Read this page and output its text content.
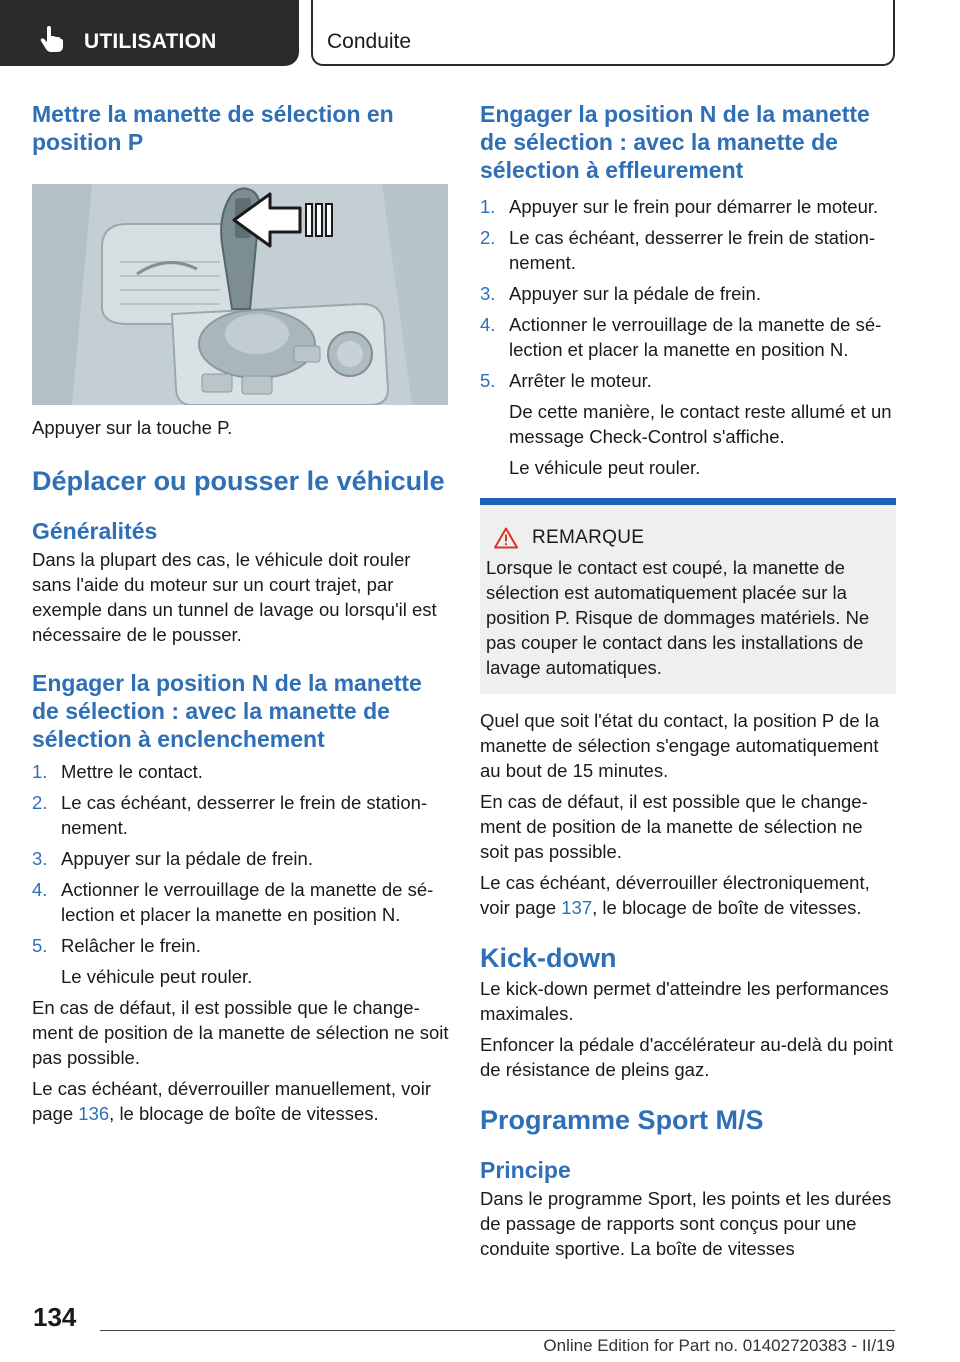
UTILISATION	Conduite
Mettre la manette de sélection en position P

Appuyer sur la touche P.

Déplacer ou pousser le véhicule
Généralités

Dans la plupart des cas, le véhicule doit rouler sans l'aide du moteur sur un court trajet, par exemple dans un tunnel de lavage ou lorsqu'il est nécessaire de le pousser.

Engager la position N de la manette de sélection : avec la manette de sélection à enclenchement
1. Mettre le contact.
2. Le cas échéant, desserrer le frein de stationnement.
3. Appuyer sur la pédale de frein.
4. Actionner le verrouillage de la manette de sélection et placer la manette en position N.
5. Relâcher le frein.

Le véhicule peut rouler.

En cas de défaut, il est possible que le changement de position de la manette de sélection ne soit pas possible.

Le cas échéant, déverrouiller manuellement, voir page 136, le blocage de boîte de vitesses.

Engager la position N de la manette de sélection : avec la manette de sélection à effleurement
1. Appuyer sur le frein pour démarrer le moteur.
2. Le cas échéant, desserrer le frein de stationnement.
3. Appuyer sur la pédale de frein.
4. Actionner le verrouillage de la manette de sélection et placer la manette en position N.
5. Arrêter le moteur.

De cette manière, le contact reste allumé et un message Check-Control s'affiche.

Le véhicule peut rouler.

REMARQUE

Lorsque le contact est coupé, la manette de sélection est automatiquement placée sur la position P. Risque de dommages matériels. Ne pas couper le contact dans les installations de lavage automatiques.

Quel que soit l'état du contact, la position P de la manette de sélection s'engage automatiquement au bout de 15 minutes.

En cas de défaut, il est possible que le changement de position de la manette de sélection ne soit pas possible.

Le cas échéant, déverrouiller électroniquement, voir page 137, le blocage de boîte de vitesses.

Kick-down

Le kick-down permet d'atteindre les performances maximales.

Enfoncer la pédale d'accélérateur au-delà du point de résistance de pleins gaz.

Programme Sport M/S
Principe

Dans le programme Sport, les points et les durées de passage de rapports sont conçus pour une conduite sportive. La boîte de vitesses

134
Online Edition for Part no. 01402720383 - II/19
